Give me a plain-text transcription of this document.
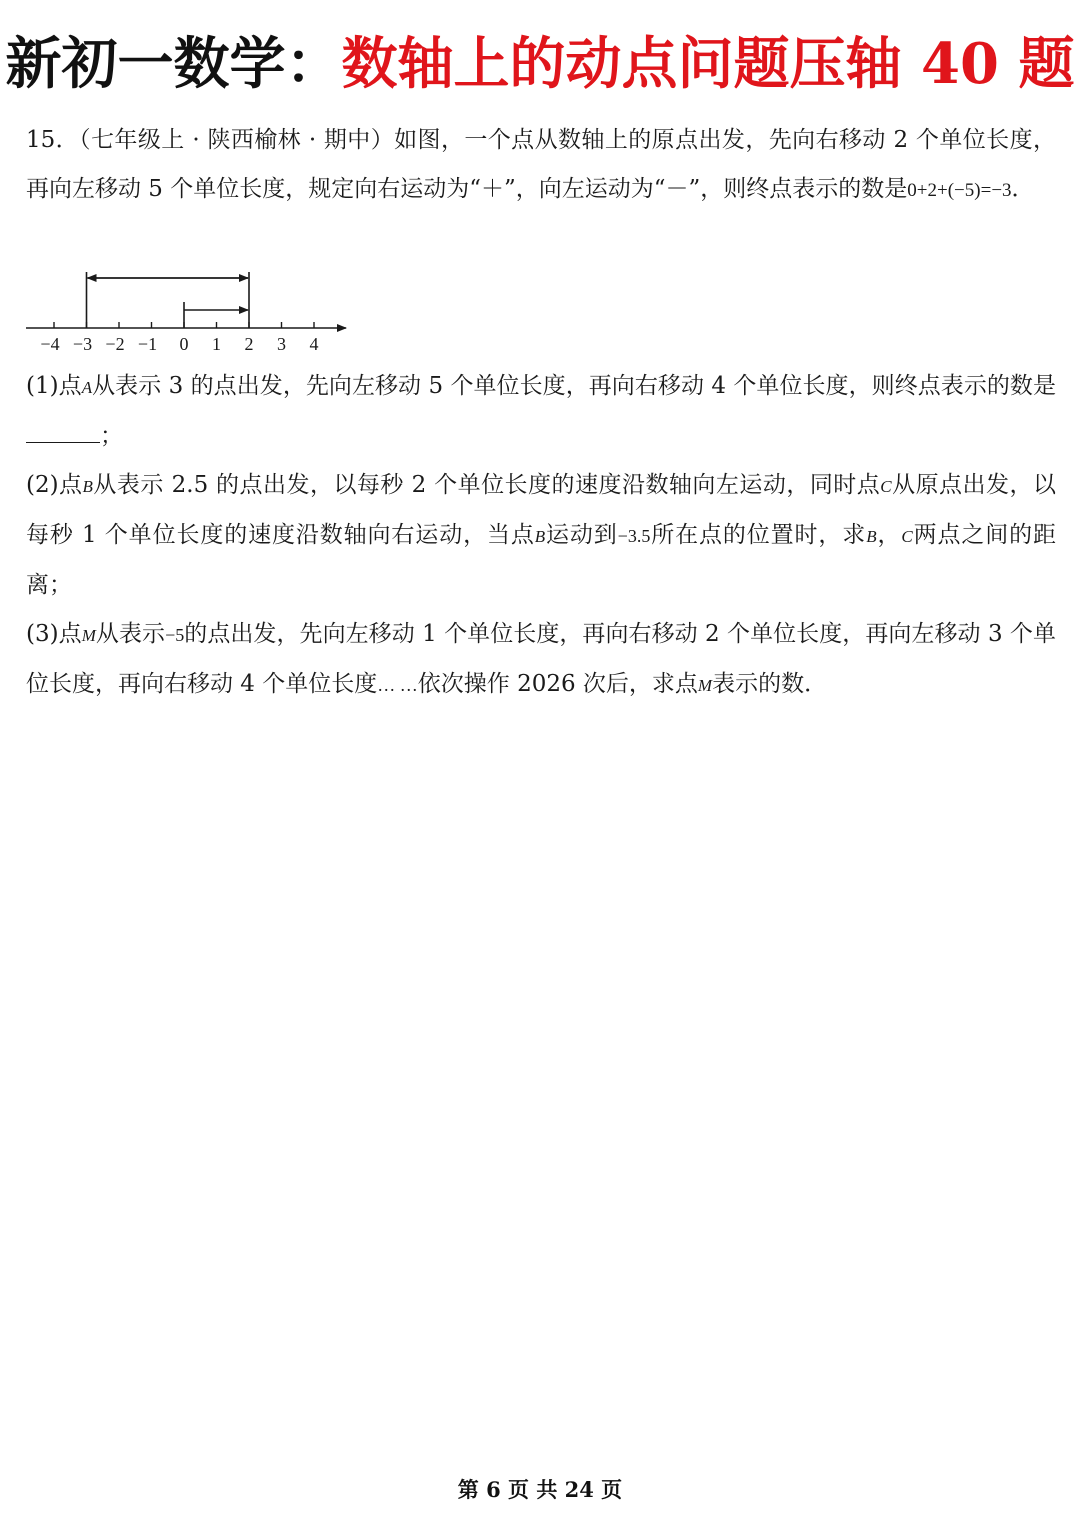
新初一数学：数轴上的动点问题压轴 40 题

15．（七年级上 · 陕西榆林 · 期中）如图，一个点从数轴上的原点出发，先向右移动 2 个单位长度，再向左移动 5 个单位长度，规定向右运动为“＋”，向左运动为“－”，则终点表示的数是0+2+(−5)=−3．

(1)点A从表示 3 的点出发，先向左移动 5 个单位长度，再向右移动 4 个单位长度，则终点表示的数是；

(2)点B从表示 2.5 的点出发，以每秒 2 个单位长度的速度沿数轴向左运动，同时点C从原点出发，以每秒 1 个单位长度的速度沿数轴向右运动，当点B运动到−3.5所在点的位置时，求B，C两点之间的距离；

(3)点M从表示−5的点出发，先向左移动 1 个单位长度，再向右移动 2 个单位长度，再向左移动 3 个单位长度，再向右移动 4 个单位长度… …依次操作 2026 次后，求点M表示的数．

−4 −3 −2 −1 0 1 2 3 4
第 6 页 共 24 页
